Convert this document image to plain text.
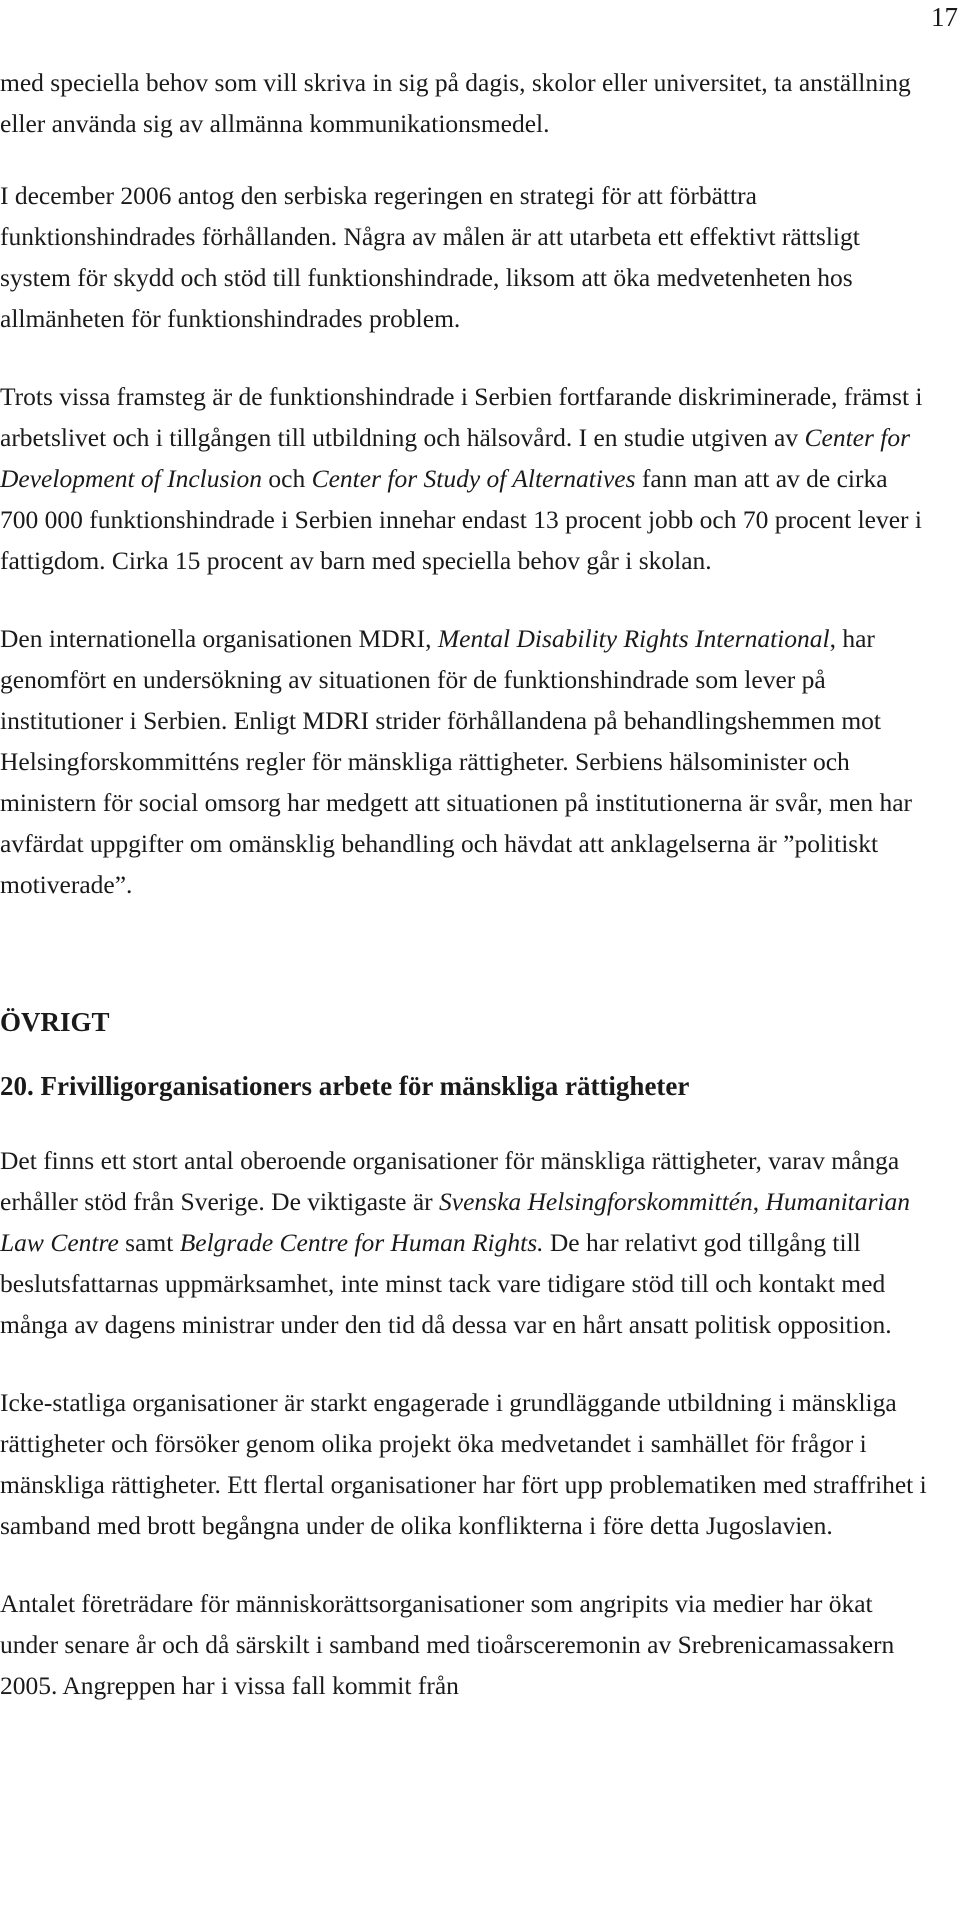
17

med speciella behov som vill skriva in sig på dagis, skolor eller universitet, ta anställning eller använda sig av allmänna kommunikationsmedel.

I december 2006 antog den serbiska regeringen en strategi för att förbättra funktionshindrades förhållanden. Några av målen är att utarbeta ett effektivt rättsligt system för skydd och stöd till funktionshindrade, liksom att öka medvetenheten hos allmänheten för funktionshindrades problem.

Trots vissa framsteg är de funktionshindrade i Serbien fortfarande diskriminerade, främst i arbetslivet och i tillgången till utbildning och hälsovård. I en studie utgiven av Center for Development of Inclusion och Center for Study of Alternatives fann man att av de cirka 700 000 funktionshindrade i Serbien innehar endast 13 procent jobb och 70 procent lever i fattigdom. Cirka 15 procent av barn med speciella behov går i skolan.

Den internationella organisationen MDRI, Mental Disability Rights International, har genomfört en undersökning av situationen för de funktionshindrade som lever på institutioner i Serbien. Enligt MDRI strider förhållandena på behandlingshemmen mot Helsingforskommitténs regler för mänskliga rättigheter. Serbiens hälsominister och ministern för social omsorg har medgett att situationen på institutionerna är svår, men har avfärdat uppgifter om omänsklig behandling och hävdat att anklagelserna är ”politiskt motiverade”.

ÖVRIGT
20. Frivilligorganisationers arbete för mänskliga rättigheter

Det finns ett stort antal oberoende organisationer för mänskliga rättigheter, varav många erhåller stöd från Sverige. De viktigaste är Svenska Helsingforskommittén, Humanitarian Law Centre samt Belgrade Centre for Human Rights. De har relativt god tillgång till beslutsfattarnas uppmärksamhet, inte minst tack vare tidigare stöd till och kontakt med många av dagens ministrar under den tid då dessa var en hårt ansatt politisk opposition.

Icke-statliga organisationer är starkt engagerade i grundläggande utbildning i mänskliga rättigheter och försöker genom olika projekt öka medvetandet i samhället för frågor i mänskliga rättigheter. Ett flertal organisationer har fört upp problematiken med straffrihet i samband med brott begångna under de olika konflikterna i före detta Jugoslavien.

Antalet företrädare för människorättsorganisationer som angripits via medier har ökat under senare år och då särskilt i samband med tioårsceremonin av Srebrenicamassakern 2005. Angreppen har i vissa fall kommit från
